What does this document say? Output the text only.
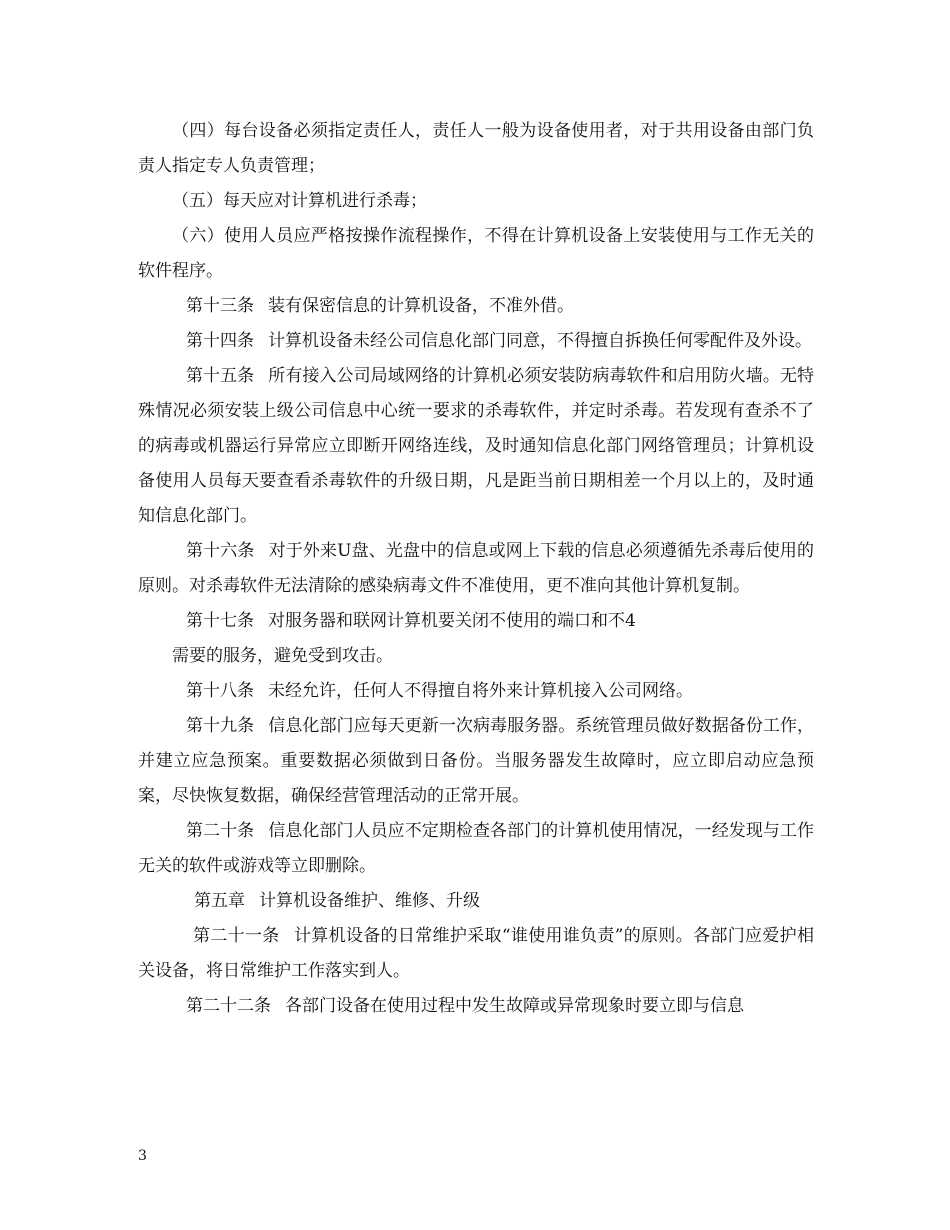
（四）每台设备必须指定责任人，责任人一般为设备使用者，对于共用设备由部门负责人指定专人负责管理；

（五）每天应对计算机进行杀毒；

（六）使用人员应严格按操作流程操作，不得在计算机设备上安装使用与工作无关的软件程序。

第十三条 装有保密信息的计算机设备，不准外借。

第十四条 计算机设备未经公司信息化部门同意，不得擅自拆换任何零配件及外设。

第十五条 所有接入公司局域网络的计算机必须安装防病毒软件和启用防火墙。无特殊情况必须安装上级公司信息中心统一要求的杀毒软件，并定时杀毒。若发现有查杀不了的病毒或机器运行异常应立即断开网络连线，及时通知信息化部门网络管理员；计算机设备使用人员每天要查看杀毒软件的升级日期，凡是距当前日期相差一个月以上的，及时通知信息化部门。

第十六条 对于外来U盘、光盘中的信息或网上下载的信息必须遵循先杀毒后使用的原则。对杀毒软件无法清除的感染病毒文件不准使用，更不准向其他计算机复制。

第十七条 对服务器和联网计算机要关闭不使用的端口和不4

需要的服务，避免受到攻击。

第十八条 未经允许，任何人不得擅自将外来计算机接入公司网络。

第十九条 信息化部门应每天更新一次病毒服务器。系统管理员做好数据备份工作，并建立应急预案。重要数据必须做到日备份。当服务器发生故障时，应立即启动应急预案，尽快恢复数据，确保经营管理活动的正常开展。

第二十条 信息化部门人员应不定期检查各部门的计算机使用情况，一经发现与工作无关的软件或游戏等立即删除。

第五章 计算机设备维护、维修、升级

第二十一条 计算机设备的日常维护采取“谁使用谁负责”的原则。各部门应爱护相关设备，将日常维护工作落实到人。

第二十二条 各部门设备在使用过程中发生故障或异常现象时要立即与信息

3
